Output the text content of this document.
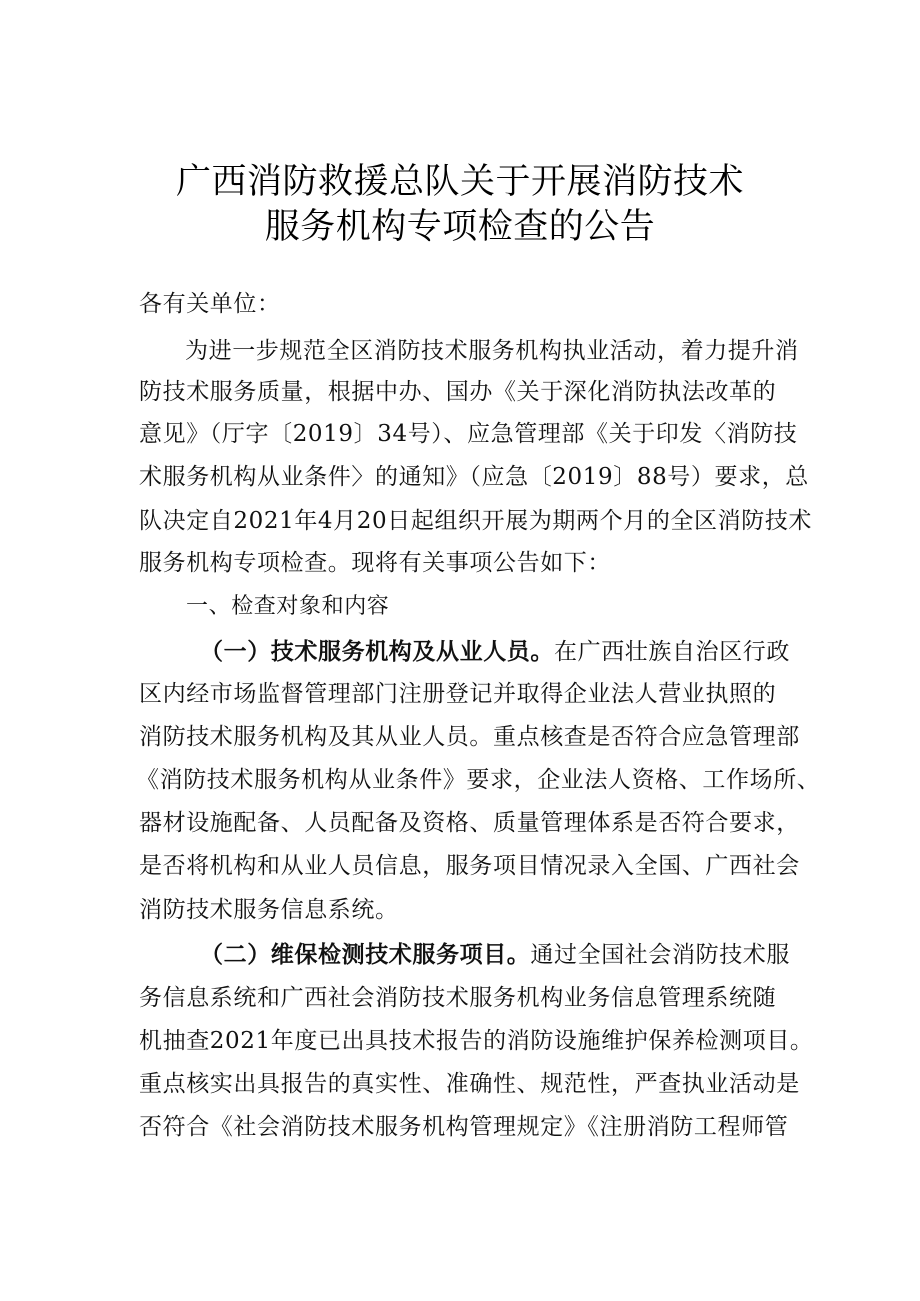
广西消防救援总队关于开展消防技术
服务机构专项检查的公告
各有关单位：
为进一步规范全区消防技术服务机构执业活动，着力提升消
防技术服务质量，根据中办、国办《关于深化消防执法改革的
意见》（厅字〔2019〕34号）、应急管理部《关于印发〈消防技
术服务机构从业条件〉的通知》（应急〔2019〕88号）要求，总
队决定自2021年4月20日起组织开展为期两个月的全区消防技术
服务机构专项检查。现将有关事项公告如下：
一、检查对象和内容
（一）技术服务机构及从业人员。在广西壮族自治区行政
区内经市场监督管理部门注册登记并取得企业法人营业执照的
消防技术服务机构及其从业人员。重点核查是否符合应急管理部
《消防技术服务机构从业条件》要求，企业法人资格、工作场所、
器材设施配备、人员配备及资格、质量管理体系是否符合要求，
是否将机构和从业人员信息，服务项目情况录入全国、广西社会
消防技术服务信息系统。
（二）维保检测技术服务项目。通过全国社会消防技术服
务信息系统和广西社会消防技术服务机构业务信息管理系统随
机抽查2021年度已出具技术报告的消防设施维护保养检测项目。
重点核实出具报告的真实性、准确性、规范性，严查执业活动是
否符合《社会消防技术服务机构管理规定》《注册消防工程师管
